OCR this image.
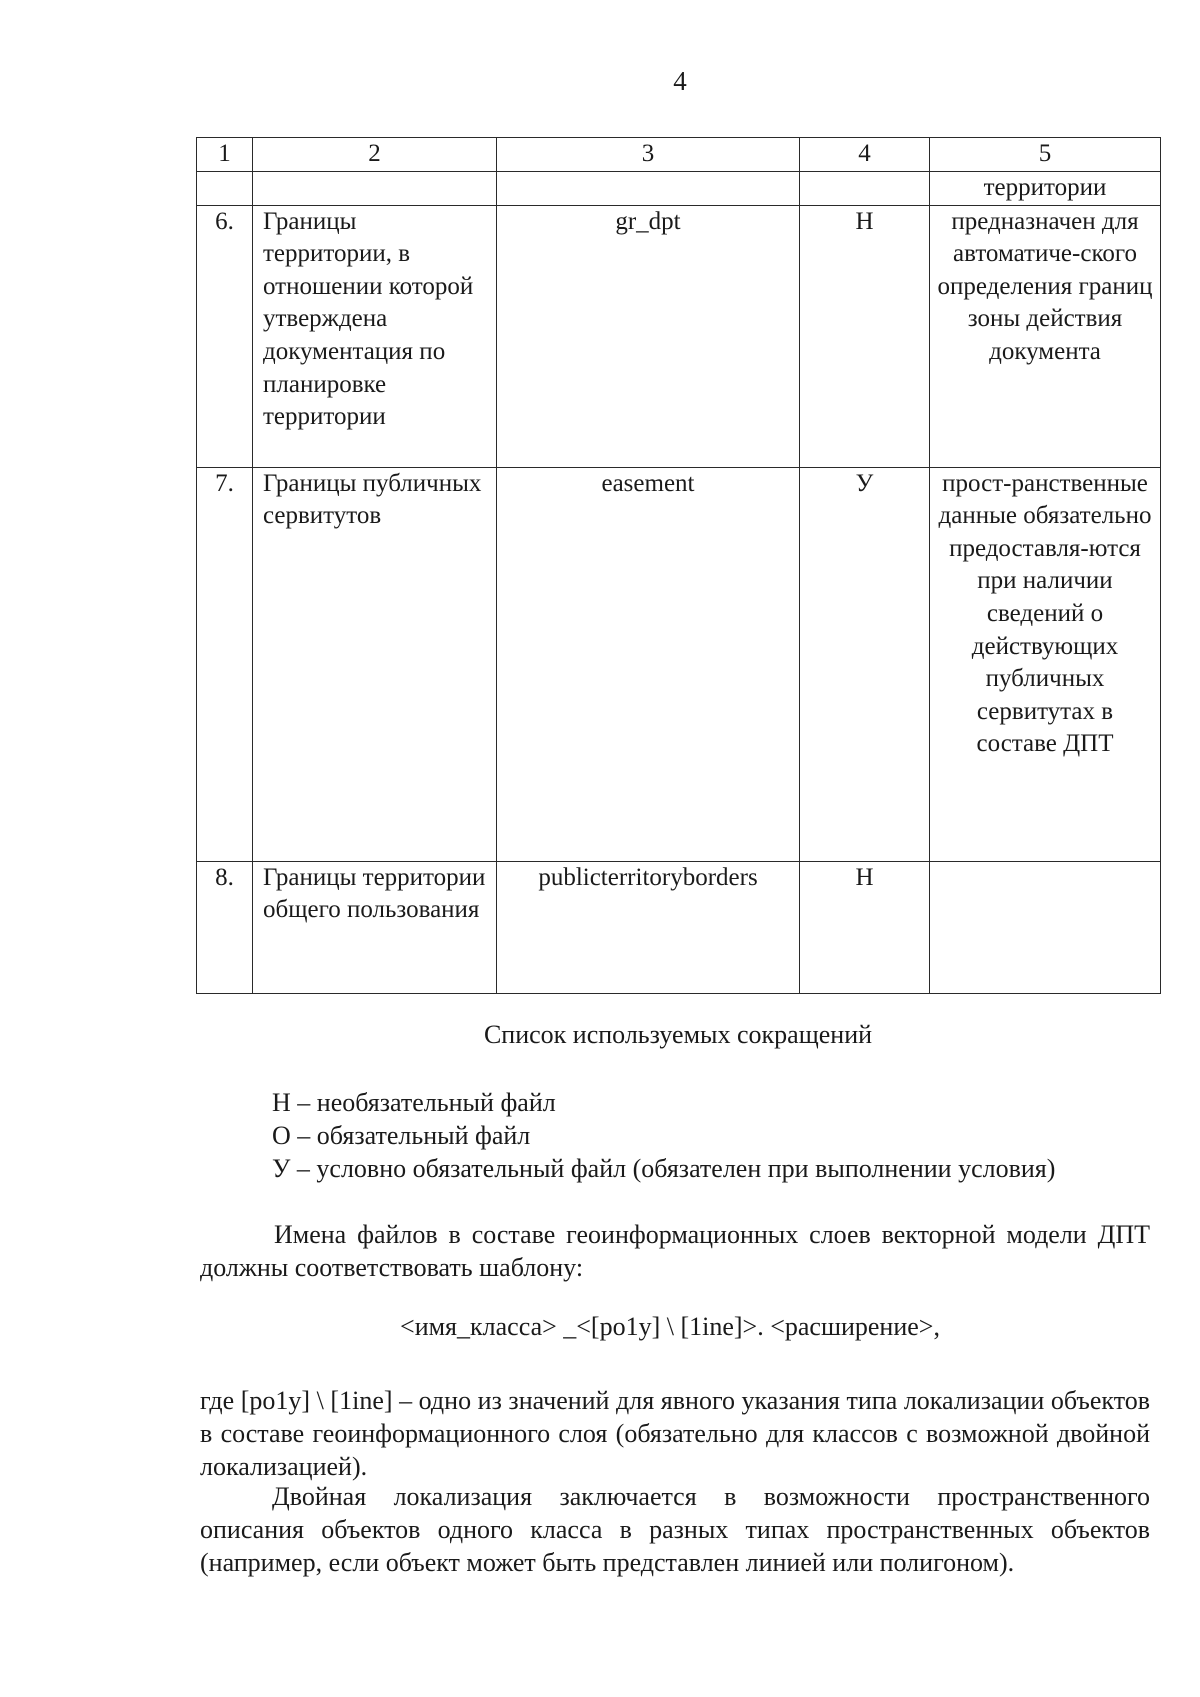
4
1	2	3	4	5
				территории
6.	Границы территории, в отношении которой утверждена документация по планировке территории	gr_dpt	Н	предназначен для автоматиче-ского определения границ зоны действия документа
7.	Границы публичных сервитутов	easement	У	прост-ранственные данные обязательно предоставля-ются при наличии сведений о действующих публичных сервитутах в составе ДПТ
8.	Границы территории общего пользования	publicterritoryborders	Н	
Список используемых сокращений
Н – необязательный файл
О – обязательный файл
У – условно обязательный файл (обязателен при выполнении условия)
Имена файлов в составе геоинформационных слоев векторной модели ДПТ должны соответствовать шаблону:
<имя_класса> _<[po1y] \ [1ine]>. <расширение>,
где [po1y] \ [1ine] – одно из значений для явного указания типа локализации объектов в составе геоинформационного слоя (обязательно для классов с возможной двойной локализацией).
Двойная локализация заключается в возможности пространственного описания объектов одного класса в разных типах пространственных объектов (например, если объект может быть представлен линией или полигоном).
